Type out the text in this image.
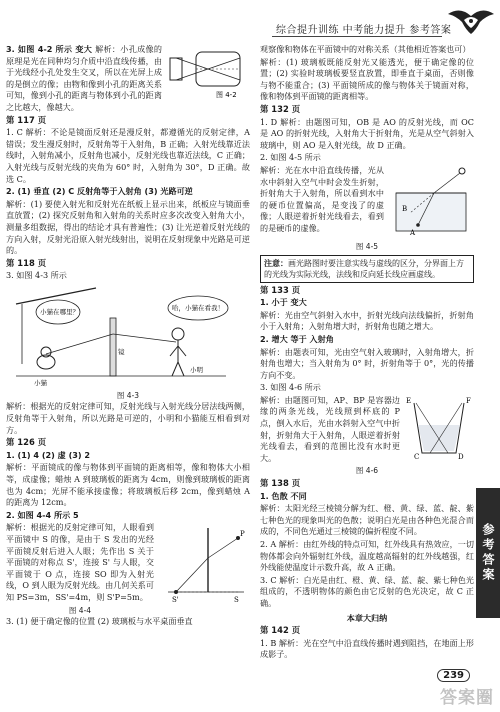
综合提升训练 中考能力提升 参考答案
图 4-2

3. 如图 4-2 所示 变大 解析：小孔成像的原理是光在同种均匀介质中沿直线传播，由于光线经小孔处发生交叉，所以在光屏上成的是倒立的像；由物和像到小孔的距离关系可知，像到小孔的距离与物体到小孔的距离之比越大，像越大。

第 117 页

1. C 解析：不论是镜面反射还是漫反射，都遵循光的反射定律，A 错误；发生漫反射时，反射角等于入射角，B 正确；入射光线靠近法线时，入射角减小，反射角也减小，反射光线也靠近法线，C 正确；入射光线与反射光线的夹角为 60° 时，入射角为 30°，D 正确。故选 C。

2. (1) 垂直 (2) C 反射角等于入射角 (3) 光路可逆

解析：(1) 要使入射光和反射光在纸板上显示出来，纸板应与镜面垂直放置；(2) 探究反射角和入射角的关系时应多次改变入射角大小，测量多组数据，得出的结论才具有普遍性；(3) 让光逆着反射光线的方向入射，反射光沿原入射光线射出，说明在反射现象中光路是可逆的。

第 118 页

3. 如图 4-3 所示

小猫在哪里？	哈，小猫在看我！
小猫
镜
小明
图 4-3

解析：根据光的反射定律可知，反射光线与入射光线分居法线两侧，反射角等于入射角，所以光路是可逆的，小明和小猫能互相看到对方。

第 126 页

1. (1) 4 (2) 虚 (3) 2

解析：平面镜成的像与物体到平面镜的距离相等，像和物体大小相等，成虚像；蜡烛 A 到玻璃板的距离为 4cm，则像到玻璃板的距离也为 4cm；光屏不能承接虚像；将玻璃板后移 2cm，像到蜡烛 A 的距离为 12cm。

2. 如图 4-4 所示 5

S'	S
P

解析：根据光的反射定律可知，人眼看到平面镜中 S 的像，是由于 S 发出的光经平面镜反射后进入人眼；先作出 S 关于平面镜的对称点 S'，连接 S' 与人眼，交平面镜于 O 点，连接 SO 即为入射光线，O 到人眼为反射光线。由几何关系可知 PS=3m，SS'=4m，则 S'P=5m。

图 4-4

3. (1) 便于确定像的位置 (2) 玻璃板与水平桌面垂直

观察像和物体在平面镜中的对称关系（其他相近答案也可）

解析：(1) 玻璃板既能反射光又能透光，便于确定像的位置；(2) 实验时玻璃板要竖直放置，即垂直于桌面，否则像与物不能重合；(3) 平面镜所成的像与物体关于镜面对称，像和物体到平面镜的距离相等。

第 132 页

1. D 解析：由题图可知，OB 是 AO 的反射光线，而 OC 是 AO 的折射光线，入射角大于折射角，光是从空气斜射入玻璃中，则 AO 是入射光线，故 D 正确。

2. 如图 4-5 所示

A
B

解析：光在水中沿直线传播，光从水中斜射入空气中时会发生折射，折射角大于入射角，所以看到水中的硬币位置偏高，是变浅了的虚像；人眼逆着折射光线看去，看到的是硬币的虚像。

图 4-5
注意：画光路图时要注意实线与虚线的区分，分界面上方的光线为实际光线，法线和反向延长线应画虚线。
第 133 页

1. 小于 变大

解析：光由空气斜射入水中，折射光线向法线偏折，折射角小于入射角；入射角增大时，折射角也随之增大。

2. 增大 等于 入射角

解析：由题表可知，光由空气射入玻璃时，入射角增大，折射角也增大；当入射角为 0° 时，折射角等于 0°，光的传播方向不变。

3. 如图 4-6 所示

E	F
C	D

解析：由题图可知，AP、BP 是容器边缘的两条光线，光线照到杯底的 P 点，倒入水后，光由水斜射入空气中折射，折射角大于入射角，人眼逆着折射光线看去，看到的范围比没有水时更大。

图 4-6
第 138 页

1. 色散 不同

解析：太阳光经三棱镜分解为红、橙、黄、绿、蓝、靛、紫七种色光的现象叫光的色散；说明白光是由各种色光混合而成的，不同色光通过三棱镜的偏折程度不同。

2. A 解析：由红外线的特点可知，红外线具有热效应，一切物体都会向外辐射红外线，温度越高辐射的红外线越强，红外线能使温度计示数升高，故 A 正确。

3. C 解析：白光是由红、橙、黄、绿、蓝、靛、紫七种色光组成的，不透明物体的颜色由它反射的色光决定，故 C 正确。

本章大归纳
第 142 页

1. B 解析：光在空气中沿直线传播时遇到阻挡，在地面上形成影子。

参考答案
239
答案圈
